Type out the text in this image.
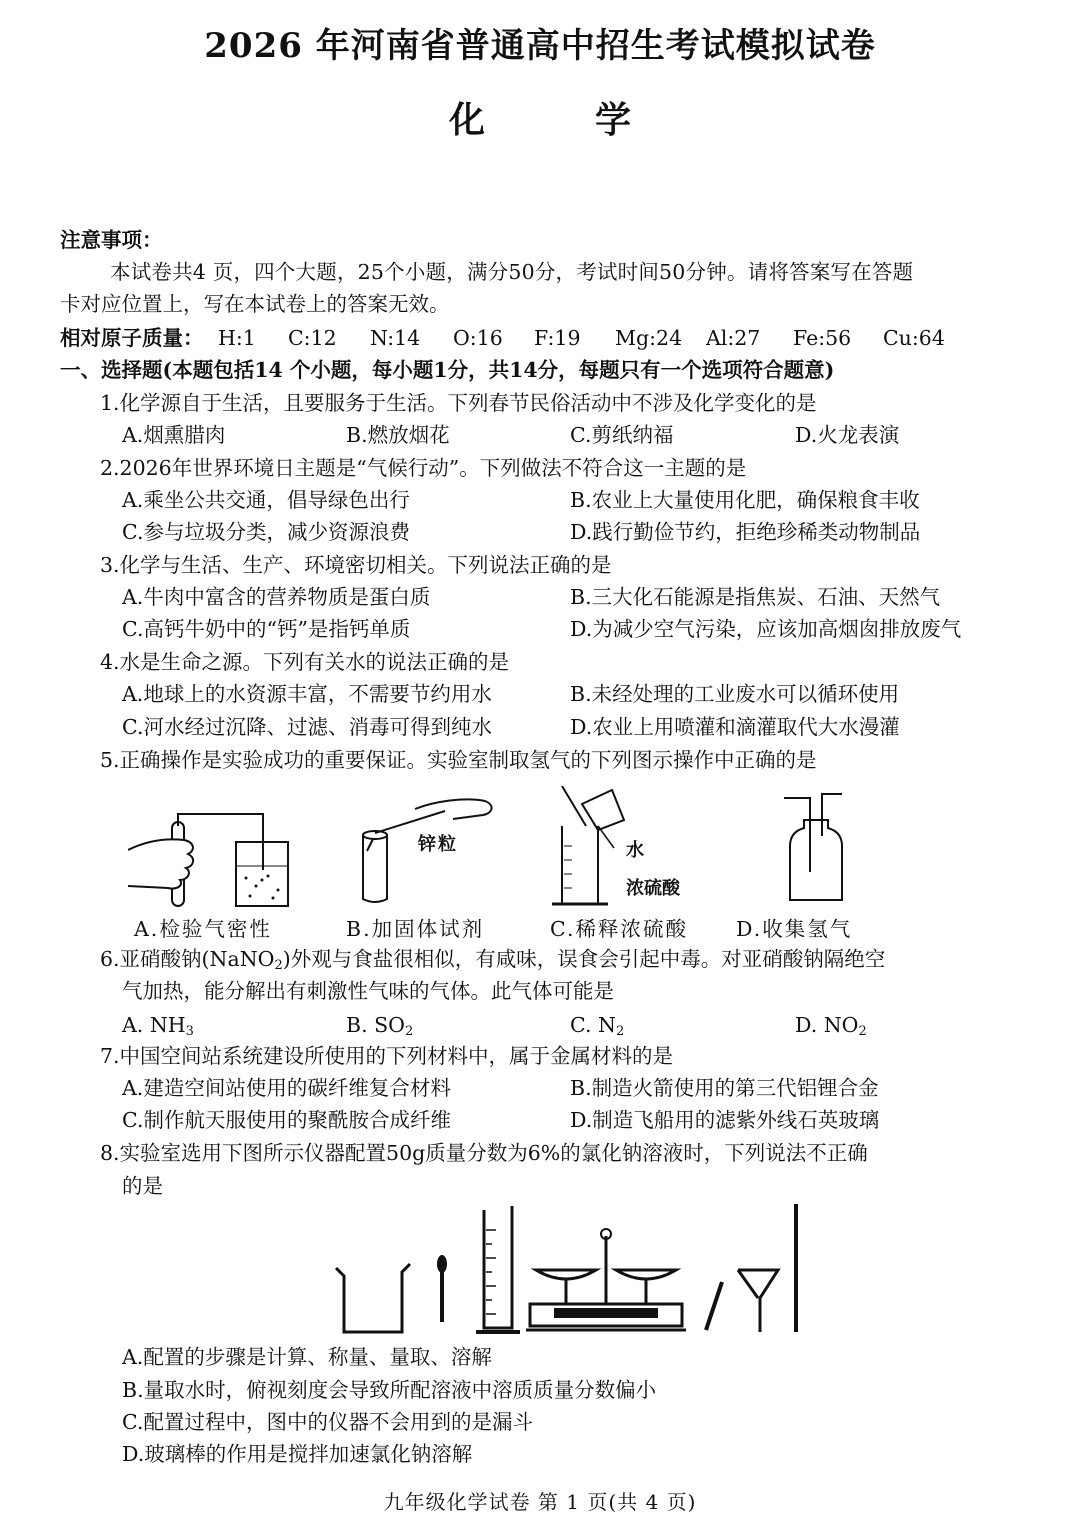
2026 年河南省普通高中招生考试模拟试卷
化学
注意事项：
本试卷共4 页，四个大题，25个小题，满分50分，考试时间50分钟。请将答案写在答题
卡对应位置上，写在本试卷上的答案无效。
相对原子质量： H:1 C:12 N:14 O:16 F:19 Mg:24 Al:27 Fe:56 Cu:64
一、选择题(本题包括14 个小题，每小题1分，共14分，每题只有一个选项符合题意)
1.化学源自于生活，且要服务于生活。下列春节民俗活动中不涉及化学变化的是
A.烟熏腊肉	B.燃放烟花	C.剪纸纳福	D.火龙表演
2.2026年世界环境日主题是“气候行动”。下列做法不符合这一主题的是
A.乘坐公共交通，倡导绿色出行	B.农业上大量使用化肥，确保粮食丰收
C.参与垃圾分类，减少资源浪费	D.践行勤俭节约，拒绝珍稀类动物制品
3.化学与生活、生产、环境密切相关。下列说法正确的是
A.牛肉中富含的营养物质是蛋白质	B.三大化石能源是指焦炭、石油、天然气
C.高钙牛奶中的“钙”是指钙单质	D.为减少空气污染，应该加高烟囱排放废气
4.水是生命之源。下列有关水的说法正确的是
A.地球上的水资源丰富，不需要节约用水	B.未经处理的工业废水可以循环使用
C.河水经过沉降、过滤、消毒可得到纯水	D.农业上用喷灌和滴灌取代大水漫灌
5.正确操作是实验成功的重要保证。实验室制取氢气的下列图示操作中正确的是
锌粒	水
浓硫酸
A.检验气密性	B.加固体试剂	C.稀释浓硫酸 D.收集氢气
6.亚硝酸钠(NaNO$_2$)外观与食盐很相似，有咸味，误食会引起中毒。对亚硝酸钠隔绝空
气加热，能分解出有刺激性气味的气体。此气体可能是
A. $NH_3$	B. $SO_2$	C. $N_2$	D. $NO_2$
7.中国空间站系统建设所使用的下列材料中，属于金属材料的是
A.建造空间站使用的碳纤维复合材料	B.制造火箭使用的第三代铝锂合金
C.制作航天服使用的聚酰胺合成纤维	D.制造飞船用的滤紫外线石英玻璃
8.实验室选用下图所示仪器配置50g质量分数为6%的氯化钠溶液时，下列说法不正确
的是
A.配置的步骤是计算、称量、量取、溶解
B.量取水时，俯视刻度会导致所配溶液中溶质质量分数偏小
C.配置过程中，图中的仪器不会用到的是漏斗
D.玻璃棒的作用是搅拌加速氯化钠溶解
九年级化学试卷 第 1 页(共 4 页)
